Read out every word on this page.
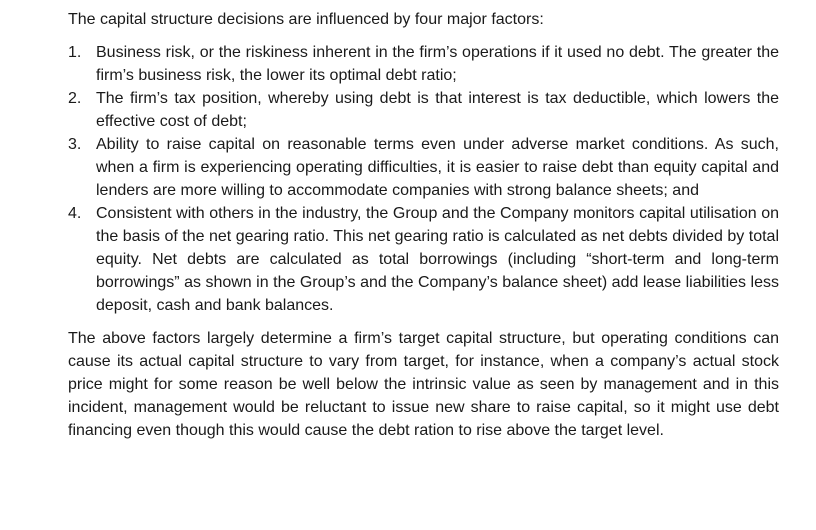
The capital structure decisions are influenced by four major factors:

1. Business risk, or the riskiness inherent in the firm’s operations if it used no debt. The greater the firm’s business risk, the lower its optimal debt ratio;
2. The firm’s tax position, whereby using debt is that interest is tax deductible, which lowers the effective cost of debt;
3. Ability to raise capital on reasonable terms even under adverse market conditions. As such, when a firm is experiencing operating difficulties, it is easier to raise debt than equity capital and lenders are more willing to accommodate companies with strong balance sheets; and
4. Consistent with others in the industry, the Group and the Company monitors capital utilisation on the basis of the net gearing ratio. This net gearing ratio is calculated as net debts divided by total equity. Net debts are calculated as total borrowings (including “short-term and long-term borrowings” as shown in the Group’s and the Company’s balance sheet) add lease liabilities less deposit, cash and bank balances.

The above factors largely determine a firm’s target capital structure, but operating conditions can cause its actual capital structure to vary from target, for instance, when a company’s actual stock price might for some reason be well below the intrinsic value as seen by management and in this incident, management would be reluctant to issue new share to raise capital, so it might use debt financing even though this would cause the debt ration to rise above the target level.
